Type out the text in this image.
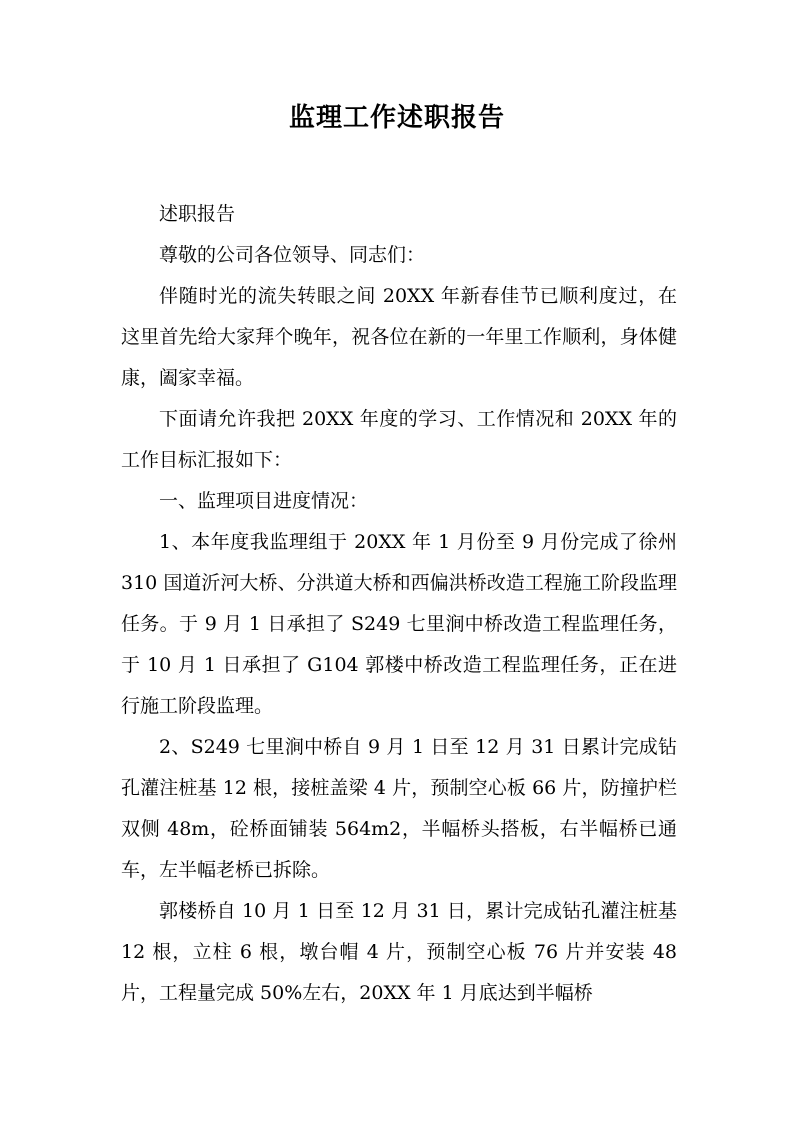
监理工作述职报告

述职报告

尊敬的公司各位领导、同志们：

伴随时光的流失转眼之间 20XX 年新春佳节已顺利度过，在这里首先给大家拜个晚年，祝各位在新的一年里工作顺利，身体健康，阖家幸福。

下面请允许我把 20XX 年度的学习、工作情况和 20XX 年的工作目标汇报如下：

一、监理项目进度情况：

1、本年度我监理组于 20XX 年 1 月份至 9 月份完成了徐州 310 国道沂河大桥、分洪道大桥和西偏洪桥改造工程施工阶段监理任务。于 9 月 1 日承担了 S249 七里涧中桥改造工程监理任务，于 10 月 1 日承担了 G104 郭楼中桥改造工程监理任务，正在进行施工阶段监理。

2、S249 七里涧中桥自 9 月 1 日至 12 月 31 日累计完成钻孔灌注桩基 12 根，接桩盖梁 4 片，预制空心板 66 片，防撞护栏双侧 48m，砼桥面铺装 564m2，半幅桥头搭板，右半幅桥已通车，左半幅老桥已拆除。

郭楼桥自 10 月 1 日至 12 月 31 日，累计完成钻孔灌注桩基 12 根，立柱 6 根，墩台帽 4 片，预制空心板 76 片并安装 48 片，工程量完成 50%左右，20XX 年 1 月底达到半幅桥
